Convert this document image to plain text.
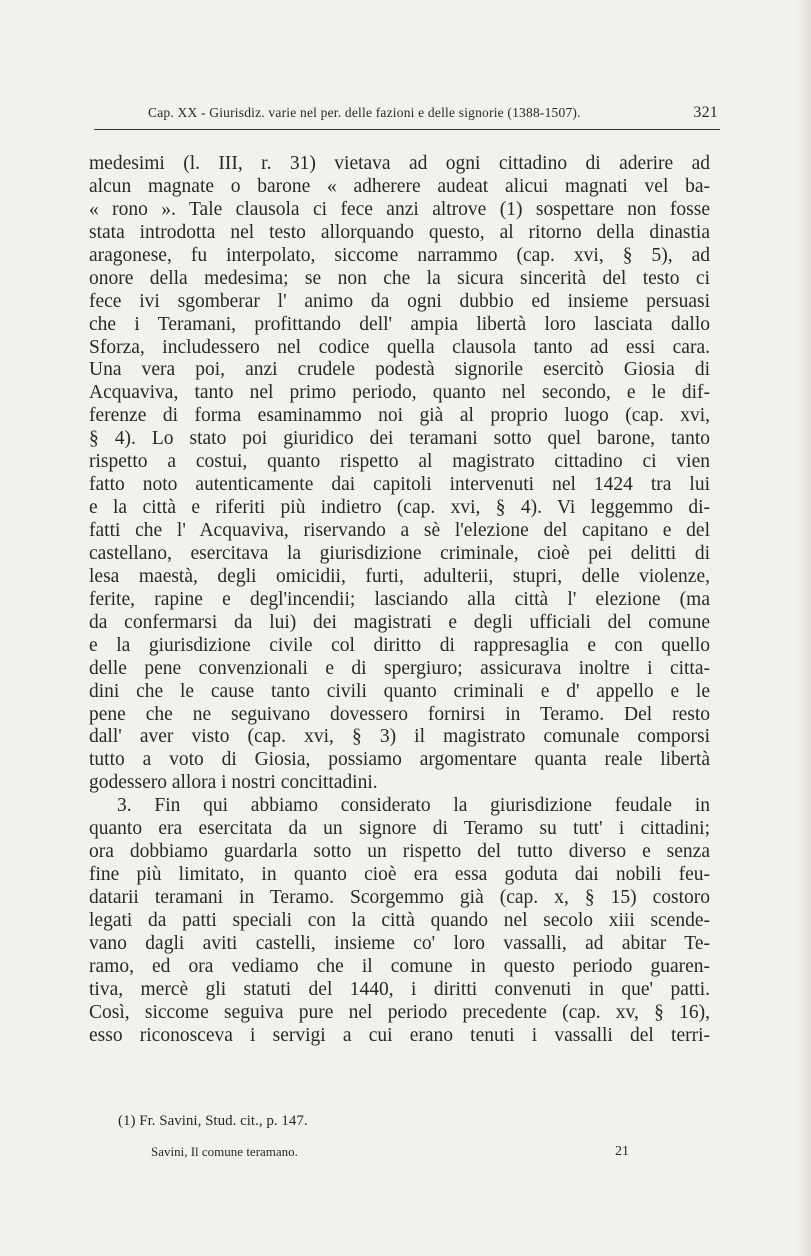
Cap. XX - Giurisdiz. varie nel per. delle fazioni e delle signorie (1388-1507).	321
medesimi (l. III, r. 31) vietava ad ogni cittadino di aderire ad
alcun magnate o barone « adherere audeat alicui magnati vel ba-
« rono ». Tale clausola ci fece anzi altrove (1) sospettare non fosse
stata introdotta nel testo allorquando questo, al ritorno della dinastia
aragonese, fu interpolato, siccome narrammo (cap. xvi, § 5), ad
onore della medesima; se non che la sicura sincerità del testo ci
fece ivi sgomberar l' animo da ogni dubbio ed insieme persuasi
che i Teramani, profittando dell' ampia libertà loro lasciata dallo
Sforza, includessero nel codice quella clausola tanto ad essi cara.
Una vera poi, anzi crudele podestà signorile esercitò Giosia di
Acquaviva, tanto nel primo periodo, quanto nel secondo, e le dif-
ferenze di forma esaminammo noi già al proprio luogo (cap. xvi,
§ 4). Lo stato poi giuridico dei teramani sotto quel barone, tanto
rispetto a costui, quanto rispetto al magistrato cittadino ci vien
fatto noto autenticamente dai capitoli intervenuti nel 1424 tra lui
e la città e riferiti più indietro (cap. xvi, § 4). Vi leggemmo di-
fatti che l' Acquaviva, riservando a sè l'elezione del capitano e del
castellano, esercitava la giurisdizione criminale, cioè pei delitti di
lesa maestà, degli omicidii, furti, adulterii, stupri, delle violenze,
ferite, rapine e degl'incendii; lasciando alla città l' elezione (ma
da confermarsi da lui) dei magistrati e degli ufficiali del comune
e la giurisdizione civile col diritto di rappresaglia e con quello
delle pene convenzionali e di spergiuro; assicurava inoltre i citta-
dini che le cause tanto civili quanto criminali e d' appello e le
pene che ne seguivano dovessero fornirsi in Teramo. Del resto
dall' aver visto (cap. xvi, § 3) il magistrato comunale comporsi
tutto a voto di Giosia, possiamo argomentare quanta reale libertà
godessero allora i nostri concittadini.
3. Fin qui abbiamo considerato la giurisdizione feudale in
quanto era esercitata da un signore di Teramo su tutt' i cittadini;
ora dobbiamo guardarla sotto un rispetto del tutto diverso e senza
fine più limitato, in quanto cioè era essa goduta dai nobili feu-
datarii teramani in Teramo. Scorgemmo già (cap. x, § 15) costoro
legati da patti speciali con la città quando nel secolo xiii scende-
vano dagli aviti castelli, insieme co' loro vassalli, ad abitar Te-
ramo, ed ora vediamo che il comune in questo periodo guaren-
tiva, mercè gli statuti del 1440, i diritti convenuti in que' patti.
Così, siccome seguiva pure nel periodo precedente (cap. xv, § 16),
esso riconosceva i servigi a cui erano tenuti i vassalli del terri-
(1) Fr. Savini, Stud. cit., p. 147.
Savini, Il comune teramano.	21
